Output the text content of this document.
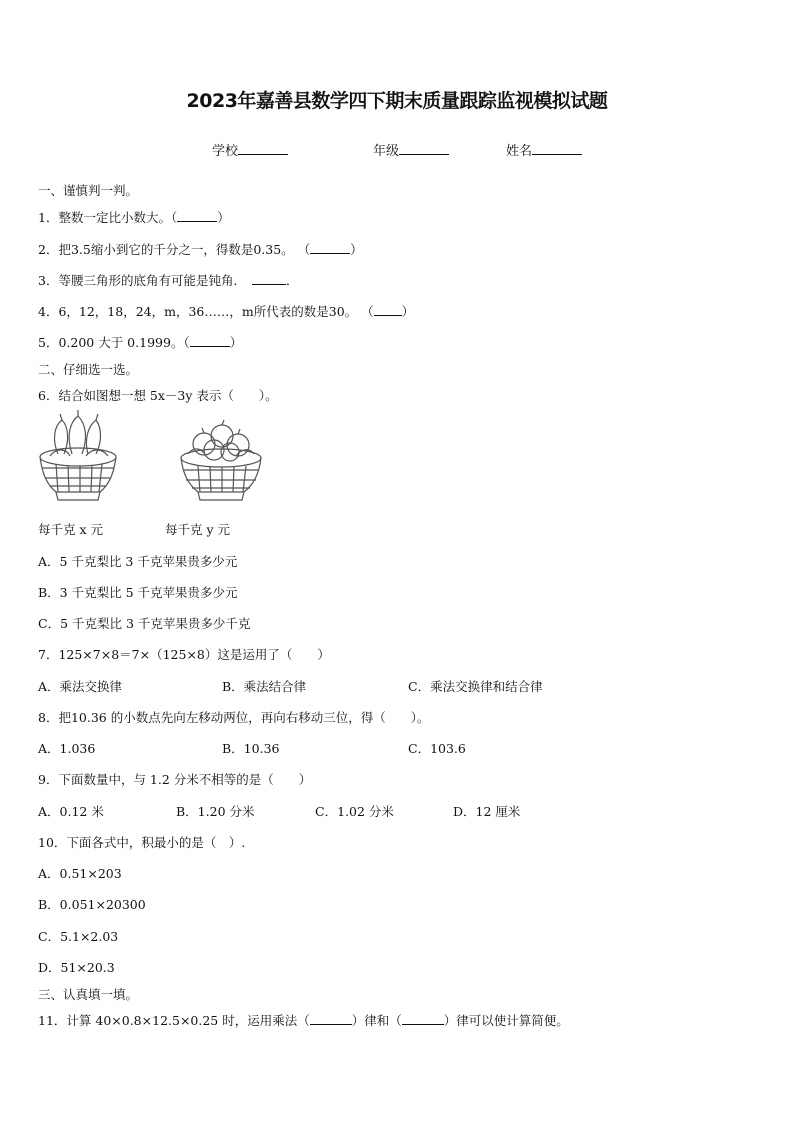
2023年嘉善县数学四下期末质量跟踪监视模拟试题
学校	年级	姓名
一、谨慎判一判。
1．整数一定比小数大。（	）
2．把3.5缩小到它的千分之一，得数是0.35。 （	）
3．等腰三角形的底角有可能是钝角．	．
4．6，12，18，24，m，36……，m所代表的数是30。 （ ）
5．0.200 大于 0.1999。（	）
二、仔细选一选。
6．结合如图想一想 5x－3y 表示（　　）。
每千克 x 元	每千克 y 元
A．5 千克梨比 3 千克苹果贵多少元
B．3 千克梨比 5 千克苹果贵多少元
C．5 千克梨比 3 千克苹果贵多少千克
7．125×7×8＝7×（125×8）这是运用了（　　）
A．乘法交换律	B．乘法结合律	C．乘法交换律和结合律
8．把10.36 的小数点先向左移动两位，再向右移动三位，得（　　）。
A．1.036	B．10.36	C．103.6
9．下面数量中，与 1.2 分米不相等的是（　　）
A．0.12 米	B．1.20 分米	C．1.02 分米	D．12 厘米
10．下面各式中，积最小的是（　）.
A．0.51×203
B．0.051×20300
C．5.1×2.03
D．51×20.3
三、认真填一填。
11．计算 40×0.8×12.5×0.25 时，运用乘法（	）律和（	）律可以使计算简便。
